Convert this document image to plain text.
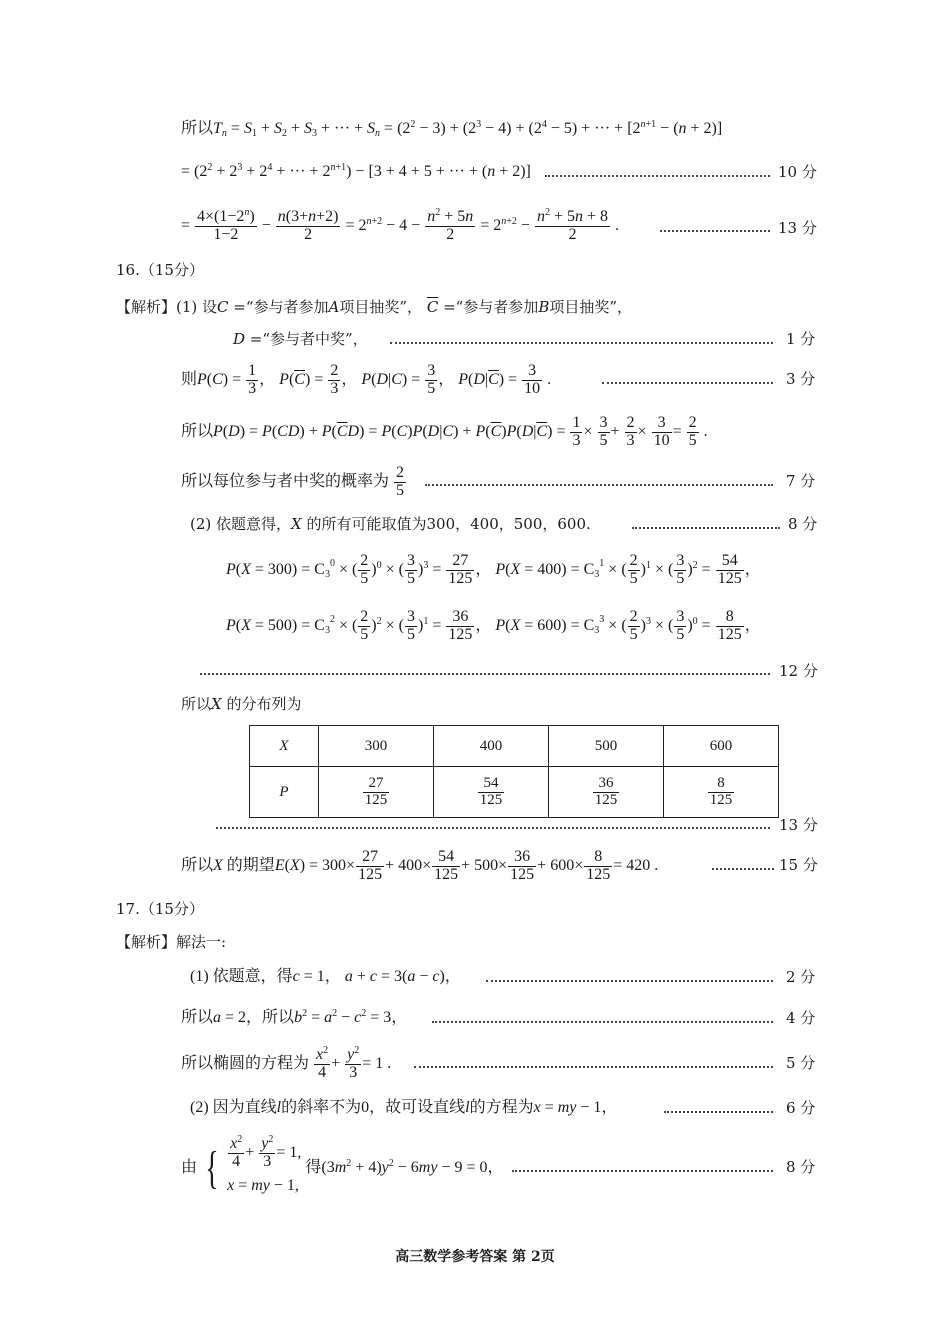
所以$T_n = S_1 + S_2 + S_3$ + ··· + $S_n = (2^2 - 3) + (2^3 - 4) + (2^4 - 5)$ + ··· + $[2^{n+1} - (n + 2)]$
= ($2^2 + 2^3 + 2^4$ + ··· + $2^{n+1}) - [3 + 4 + 5$ + ··· + (n + 2)]	10 分
= $\frac{4\times(1-2^n)}{1-2} - \frac{n(3+n+2)}{2} = 2^{n+2} - 4 - \frac{n^2 + 5n}{2} = 2^{n+2} - \frac{n^2 + 5n + 8}{2}$ .	13 分
16.（15分）
【解析】(1) 设C =“参与者参加A项目抽奖”， $\overline{C}$ =“参与者参加B项目抽奖”，
D =“参与者中奖”，	1 分
则$P(C) = \frac{1}{3}$ ， $P(\overline{C}) = \frac{2}{3}$ ， $P(D|C) = \frac{3}{5}$ ， $P(D|\overline{C}) = \frac{3}{10}$ .	3 分
所以$P(D) = P(CD) + P(\overline{C}D) = P(C)P(D|C) + P(\overline{C})P(D|\overline{C}) = \frac{1}{3} \times \frac{3}{5} + \frac{2}{3} \times \frac{3}{10} = \frac{2}{5}$ .
所以每位参与者中奖的概率为 $\frac{2}{5}$	7 分
(2) 依题意得，X 的所有可能取值为300，400，500，600.	8 分
$P(X = 300) = C_3^0$ × ( $\frac{2}{5} )^0$ × ( $\frac{3}{5} )^3 = \frac{27}{125}$ ， $P(X = 400) = C_3^1$ × ( $\frac{2}{5} )^1$ × ( $\frac{3}{5} )^2 = \frac{54}{125}$ ，
$P(X = 500) = C_3^2$ × ( $\frac{2}{5} )^2$ × ( $\frac{3}{5} )^1 = \frac{36}{125}$ ， $P(X = 600) = C_3^3$ × ( $\frac{2}{5} )^3$ × ( $\frac{3}{5} )^0 = \frac{8}{125}$ ，
12 分
所以X 的分布列为
X	300	400	500	600
P	$\frac{27}{125}$	$\frac{54}{125}$	$\frac{36}{125}$	$\frac{8}{125}$
13 分
所以X 的期望$E(X) = 300\times \frac{27}{125} + 400\times \frac{54}{125} + 500\times \frac{36}{125} + 600\times \frac{8}{125} = 420$ .	15 分
17.（15分）
【解析】解法一:
(1) 依题意，得c = 1， a + c = 3(a − c)，	2 分
所以a = 2，所以$b^2 = a^2 - c^2 = 3$，	4 分
所以椭圆的方程为 $\frac{x^2}{4} + \frac{y^2}{3} = 1$ .	5 分
(2) 因为直线l的斜率不为0，故可设直线l的方程为x = my − 1，	6 分
由 { $\frac{x^2}{4} + \frac{y^2}{3} = 1$,
x = my − 1,
得$(3m^2 + 4)y^2 - 6my - 9 = 0$，	8 分
高三数学参考答案 第 2页
